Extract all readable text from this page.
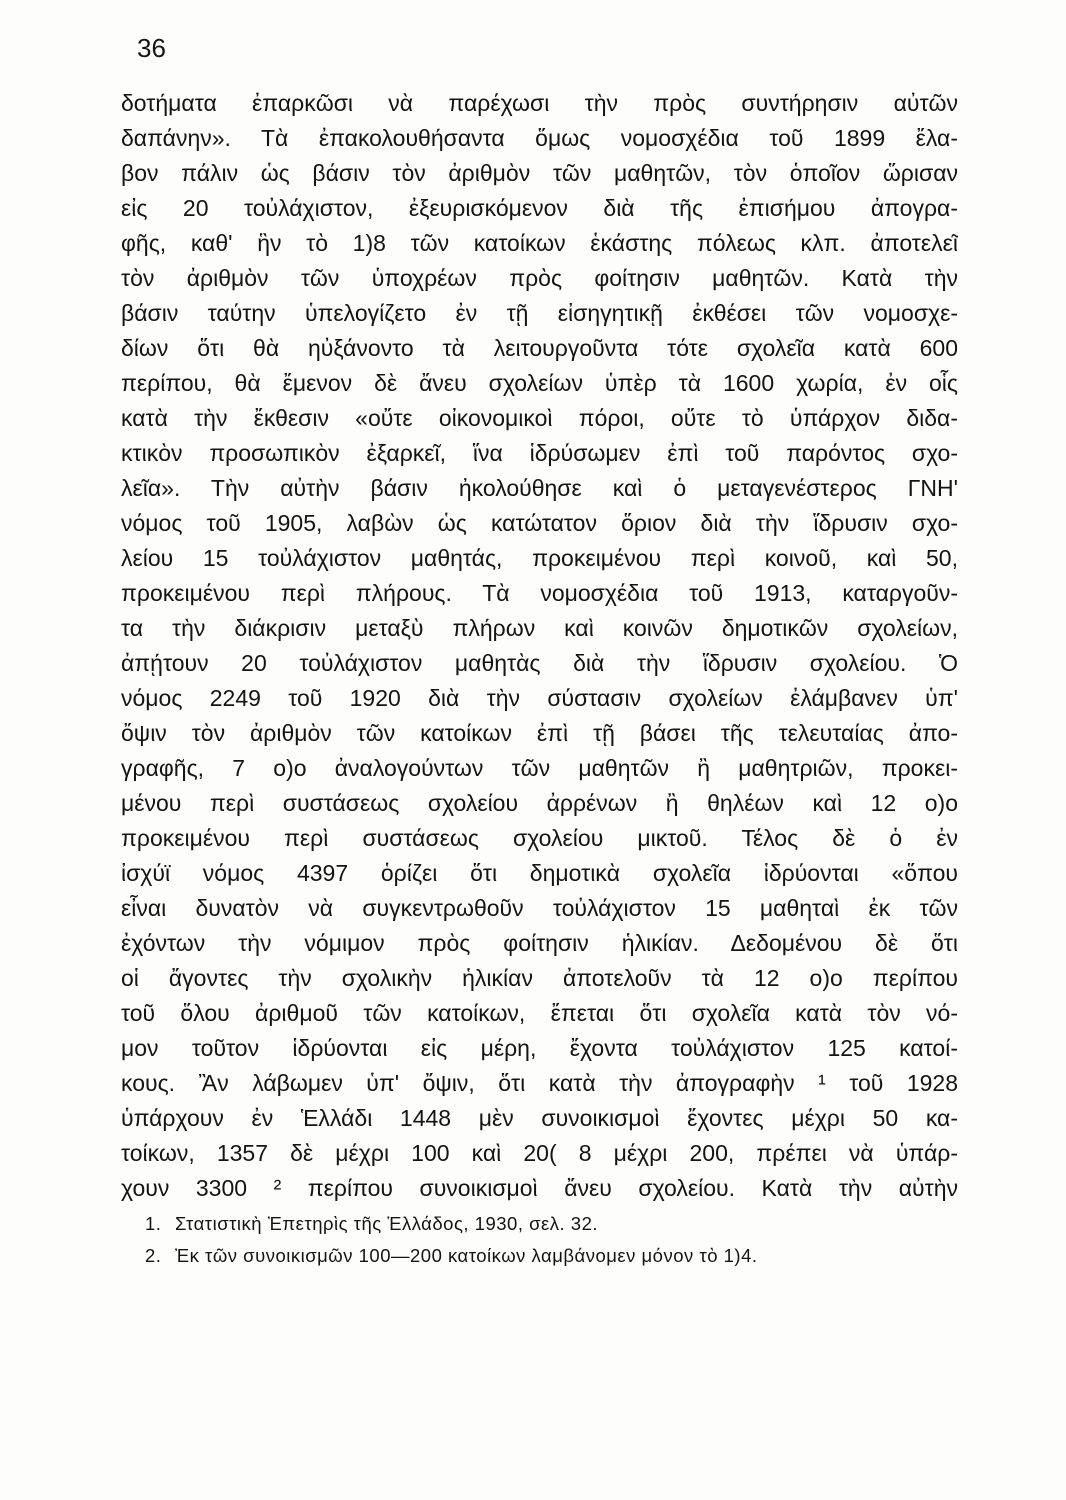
36
δοτήματα ἐπαρκῶσι νὰ παρέχωσι τὴν πρὸς συντήρησιν αὐτῶν
δαπάνην». Τὰ ἐπακολουθήσαντα ὅμως νομοσχέδια τοῦ 1899 ἔλα-
βον πάλιν ὡς βάσιν τὸν ἀριθμὸν τῶν μαθητῶν, τὸν ὁποῖον ὥρισαν
εἰς 20 τοὐλάχιστον, ἐξευρισκόμενον διὰ τῆς ἐπισήμου ἀπογρα-
φῆς, καθ' ἣν τὸ 1)8 τῶν κατοίκων ἑκάστης πόλεως κλπ. ἀποτελεῖ
τὸν ἀριθμὸν τῶν ὑποχρέων πρὸς φοίτησιν μαθητῶν. Κατὰ τὴν
βάσιν ταύτην ὑπελογίζετο ἐν τῇ εἰσηγητικῇ ἐκθέσει τῶν νομοσχε-
δίων ὅτι θὰ ηὐξάνοντο τὰ λειτουργοῦντα τότε σχολεῖα κατὰ 600
περίπου, θὰ ἔμενον δὲ ἄνευ σχολείων ὑπὲρ τὰ 1600 χωρία, ἐν οἷς
κατὰ τὴν ἔκθεσιν «οὔτε οἰκονομικοὶ πόροι, οὔτε τὸ ὑπάρχον διδα-
κτικὸν προσωπικὸν ἐξαρκεῖ, ἵνα ἱδρύσωμεν ἐπὶ τοῦ παρόντος σχο-
λεῖα». Τὴν αὐτὴν βάσιν ἠκολούθησε καὶ ὁ μεταγενέστερος ΓΝΗ'
νόμος τοῦ 1905, λαβὼν ὡς κατώτατον ὅριον διὰ τὴν ἵδρυσιν σχο-
λείου 15 τοὐλάχιστον μαθητάς, προκειμένου περὶ κοινοῦ, καὶ 50,
προκειμένου περὶ πλήρους. Τὰ νομοσχέδια τοῦ 1913, καταργοῦν-
τα τὴν διάκρισιν μεταξὺ πλήρων καὶ κοινῶν δημοτικῶν σχολείων,
ἀπῄτουν 20 τοὐλάχιστον μαθητὰς διὰ τὴν ἵδρυσιν σχολείου. Ὁ
νόμος 2249 τοῦ 1920 διὰ τὴν σύστασιν σχολείων ἐλάμβανεν ὑπ'
ὄψιν τὸν ἀριθμὸν τῶν κατοίκων ἐπὶ τῇ βάσει τῆς τελευταίας ἀπο-
γραφῆς, 7 ο)ο ἀναλογούντων τῶν μαθητῶν ἢ μαθητριῶν, προκει-
μένου περὶ συστάσεως σχολείου ἀρρένων ἢ θηλέων καὶ 12 ο)ο
προκειμένου περὶ συστάσεως σχολείου μικτοῦ. Τέλος δὲ ὁ ἐν
ἰσχύϊ νόμος 4397 ὁρίζει ὅτι δημοτικὰ σχολεῖα ἱδρύονται «ὅπου
εἶναι δυνατὸν νὰ συγκεντρωθοῦν τοὐλάχιστον 15 μαθηταὶ ἐκ τῶν
ἐχόντων τὴν νόμιμον πρὸς φοίτησιν ἡλικίαν. Δεδομένου δὲ ὅτι
οἱ ἄγοντες τὴν σχολικὴν ἡλικίαν ἀποτελοῦν τὰ 12 ο)ο περίπου
τοῦ ὅλου ἀριθμοῦ τῶν κατοίκων, ἔπεται ὅτι σχολεῖα κατὰ τὸν νό-
μον τοῦτον ἱδρύονται εἰς μέρη, ἔχοντα τοὐλάχιστον 125 κατοί-
κους. Ἂν λάβωμεν ὑπ' ὄψιν, ὅτι κατὰ τὴν ἀπογραφὴν ¹ τοῦ 1928
ὑπάρχουν ἐν Ἑλλάδι 1448 μὲν συνοικισμοὶ ἔχοντες μέχρι 50 κα-
τοίκων, 1357 δὲ μέχρι 100 καὶ 20( 8 μέχρι 200, πρέπει νὰ ὑπάρ-
χουν 3300 ² περίπου συνοικισμοὶ ἄνευ σχολείου. Κατὰ τὴν αὐτὴν
1. Στατιστικὴ Ἐπετηρὶς τῆς Ἑλλάδος, 1930, σελ. 32.
2. Ἐκ τῶν συνοικισμῶν 100—200 κατοίκων λαμβάνομεν μόνον τὸ 1)4.
